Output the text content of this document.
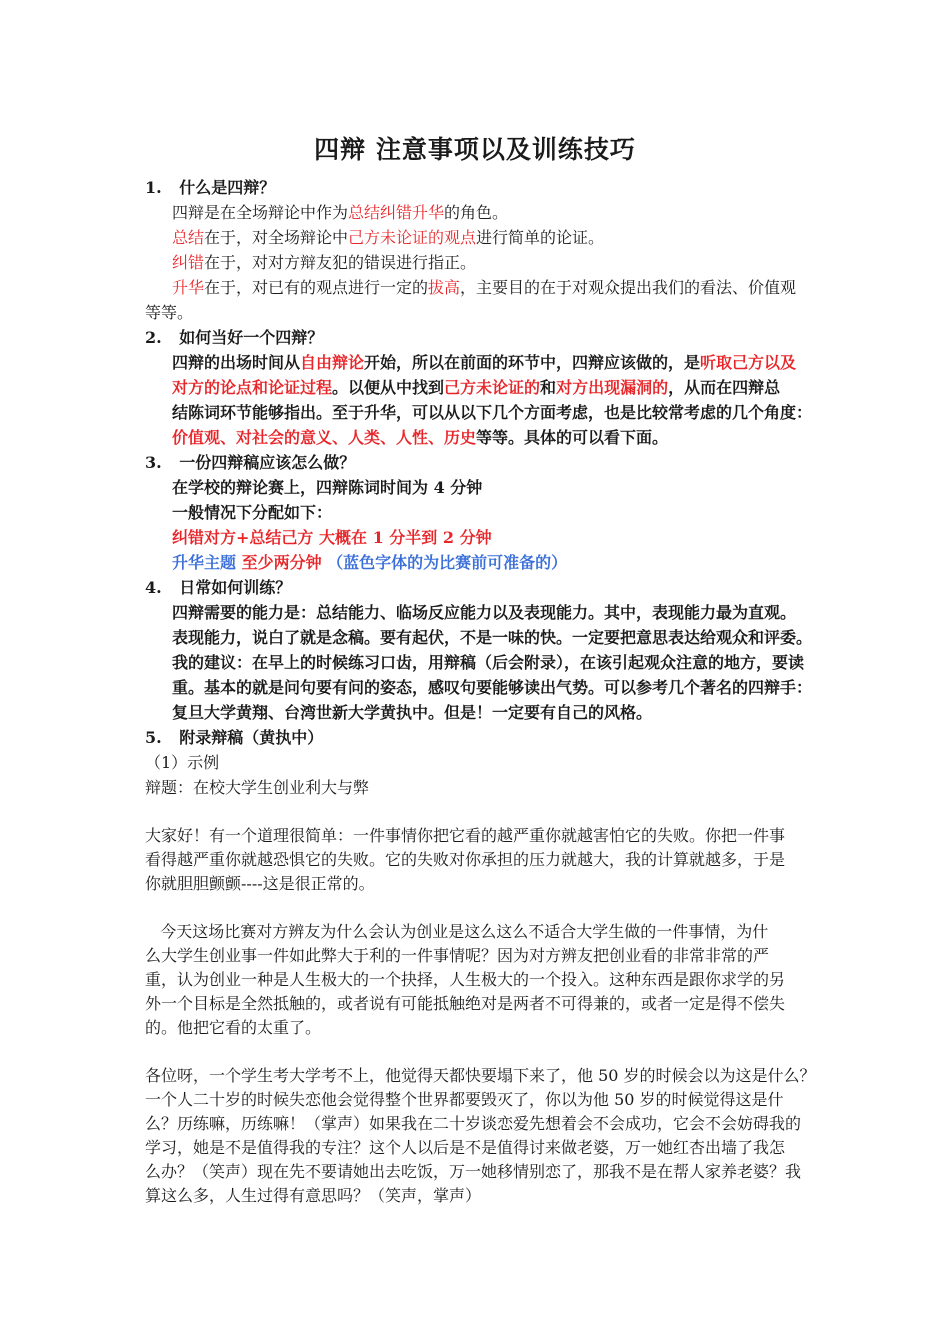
四辩 注意事项以及训练技巧
1. 什么是四辩？
四辩是在全场辩论中作为总结纠错升华的角色。
总结在于，对全场辩论中己方未论证的观点进行简单的论证。
纠错在于，对对方辩友犯的错误进行指正。
升华在于，对已有的观点进行一定的拔高，主要目的在于对观众提出我们的看法、价值观
等等。
2. 如何当好一个四辩？
四辩的出场时间从自由辩论开始，所以在前面的环节中，四辩应该做的，是听取己方以及
对方的论点和论证过程。以便从中找到己方未论证的和对方出现漏洞的，从而在四辩总
结陈词环节能够指出。至于升华，可以从以下几个方面考虑，也是比较常考虑的几个角度：
价值观、对社会的意义、人类、人性、历史等等。具体的可以看下面。
3. 一份四辩稿应该怎么做？
在学校的辩论赛上，四辩陈词时间为 4 分钟
一般情况下分配如下：
纠错对方+总结己方 大概在 1 分半到 2 分钟
升华主题 至少两分钟 （蓝色字体的为比赛前可准备的）
4. 日常如何训练？
四辩需要的能力是：总结能力、临场反应能力以及表现能力。其中，表现能力最为直观。
表现能力，说白了就是念稿。要有起伏，不是一味的快。一定要把意思表达给观众和评委。
我的建议：在早上的时候练习口齿，用辩稿（后会附录），在该引起观众注意的地方，要读
重。基本的就是问句要有问的姿态，感叹句要能够读出气势。可以参考几个著名的四辩手：
复旦大学黄翔、台湾世新大学黄执中。但是！一定要有自己的风格。
5. 附录辩稿（黄执中）
（1）示例
辩题：在校大学生创业利大与弊
大家好！有一个道理很简单：一件事情你把它看的越严重你就越害怕它的失败。你把一件事
看得越严重你就越恐惧它的失败。它的失败对你承担的压力就越大，我的计算就越多，于是
你就胆胆颤颤----这是很正常的。
今天这场比赛对方辨友为什么会认为创业是这么这么不适合大学生做的一件事情，为什
么大学生创业事一件如此弊大于利的一件事情呢？因为对方辨友把创业看的非常非常的严
重，认为创业一种是人生极大的一个抉择，人生极大的一个投入。这种东西是跟你求学的另
外一个目标是全然抵触的，或者说有可能抵触绝对是两者不可得兼的，或者一定是得不偿失
的。他把它看的太重了。
各位呀，一个学生考大学考不上，他觉得天都快要塌下来了，他 50 岁的时候会以为这是什么？
一个人二十岁的时候失恋他会觉得整个世界都要毁灭了，你以为他 50 岁的时候觉得这是什
么？历练嘛，历练嘛！（掌声）如果我在二十岁谈恋爱先想着会不会成功，它会不会妨碍我的
学习，她是不是值得我的专注？这个人以后是不是值得讨来做老婆，万一她红杏出墙了我怎
么办？（笑声）现在先不要请她出去吃饭，万一她移情别恋了，那我不是在帮人家养老婆？我
算这么多，人生过得有意思吗？（笑声，掌声）
